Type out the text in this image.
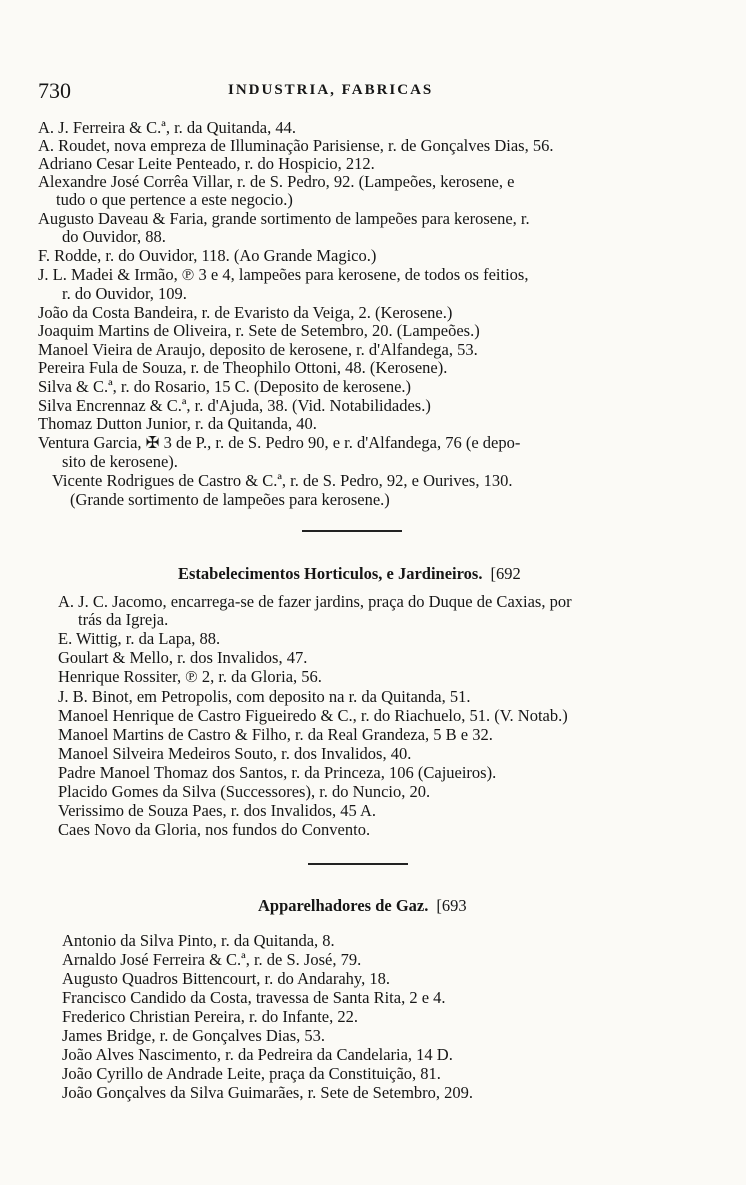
730	INDUSTRIA, FABRICAS
A. J. Ferreira & C.ª, r. da Quitanda, 44.
A. Roudet, nova empreza de Illuminação Parisiense, r. de Gonçalves Dias, 56.
Adriano Cesar Leite Penteado, r. do Hospicio, 212.
Alexandre José Corrêa Villar, r. de S. Pedro, 92. (Lampeões, kerosene, e
tudo o que pertence a este negocio.)
Augusto Daveau & Faria, grande sortimento de lampeões para kerosene, r.
do Ouvidor, 88.
F. Rodde, r. do Ouvidor, 118. (Ao Grande Magico.)
J. L. Madei & Irmão, ℗ 3 e 4, lampeões para kerosene, de todos os feitios,
r. do Ouvidor, 109.
João da Costa Bandeira, r. de Evaristo da Veiga, 2. (Kerosene.)
Joaquim Martins de Oliveira, r. Sete de Setembro, 20. (Lampeões.)
Manoel Vieira de Araujo, deposito de kerosene, r. d'Alfandega, 53.
Pereira Fula de Souza, r. de Theophilo Ottoni, 48. (Kerosene).
Silva & C.ª, r. do Rosario, 15 C. (Deposito de kerosene.)
Silva Encrennaz & C.ª, r. d'Ajuda, 38. (Vid. Notabilidades.)
Thomaz Dutton Junior, r. da Quitanda, 40.
Ventura Garcia, ✠ 3 de P., r. de S. Pedro 90, e r. d'Alfandega, 76 (e depo-
sito de kerosene).
Vicente Rodrigues de Castro & C.ª, r. de S. Pedro, 92, e Ourives, 130.
(Grande sortimento de lampeões para kerosene.)
Estabelecimentos Horticulos, e Jardineiros. [692
A. J. C. Jacomo, encarrega-se de fazer jardins, praça do Duque de Caxias, por
trás da Igreja.
E. Wittig, r. da Lapa, 88.
Goulart & Mello, r. dos Invalidos, 47.
Henrique Rossiter, ℗ 2, r. da Gloria, 56.
J. B. Binot, em Petropolis, com deposito na r. da Quitanda, 51.
Manoel Henrique de Castro Figueiredo & C., r. do Riachuelo, 51. (V. Notab.)
Manoel Martins de Castro & Filho, r. da Real Grandeza, 5 B e 32.
Manoel Silveira Medeiros Souto, r. dos Invalidos, 40.
Padre Manoel Thomaz dos Santos, r. da Princeza, 106 (Cajueiros).
Placido Gomes da Silva (Successores), r. do Nuncio, 20.
Verissimo de Souza Paes, r. dos Invalidos, 45 A.
Caes Novo da Gloria, nos fundos do Convento.
Apparelhadores de Gaz. [693
Antonio da Silva Pinto, r. da Quitanda, 8.
Arnaldo José Ferreira & C.ª, r. de S. José, 79.
Augusto Quadros Bittencourt, r. do Andarahy, 18.
Francisco Candido da Costa, travessa de Santa Rita, 2 e 4.
Frederico Christian Pereira, r. do Infante, 22.
James Bridge, r. de Gonçalves Dias, 53.
João Alves Nascimento, r. da Pedreira da Candelaria, 14 D.
João Cyrillo de Andrade Leite, praça da Constituição, 81.
João Gonçalves da Silva Guimarães, r. Sete de Setembro, 209.
